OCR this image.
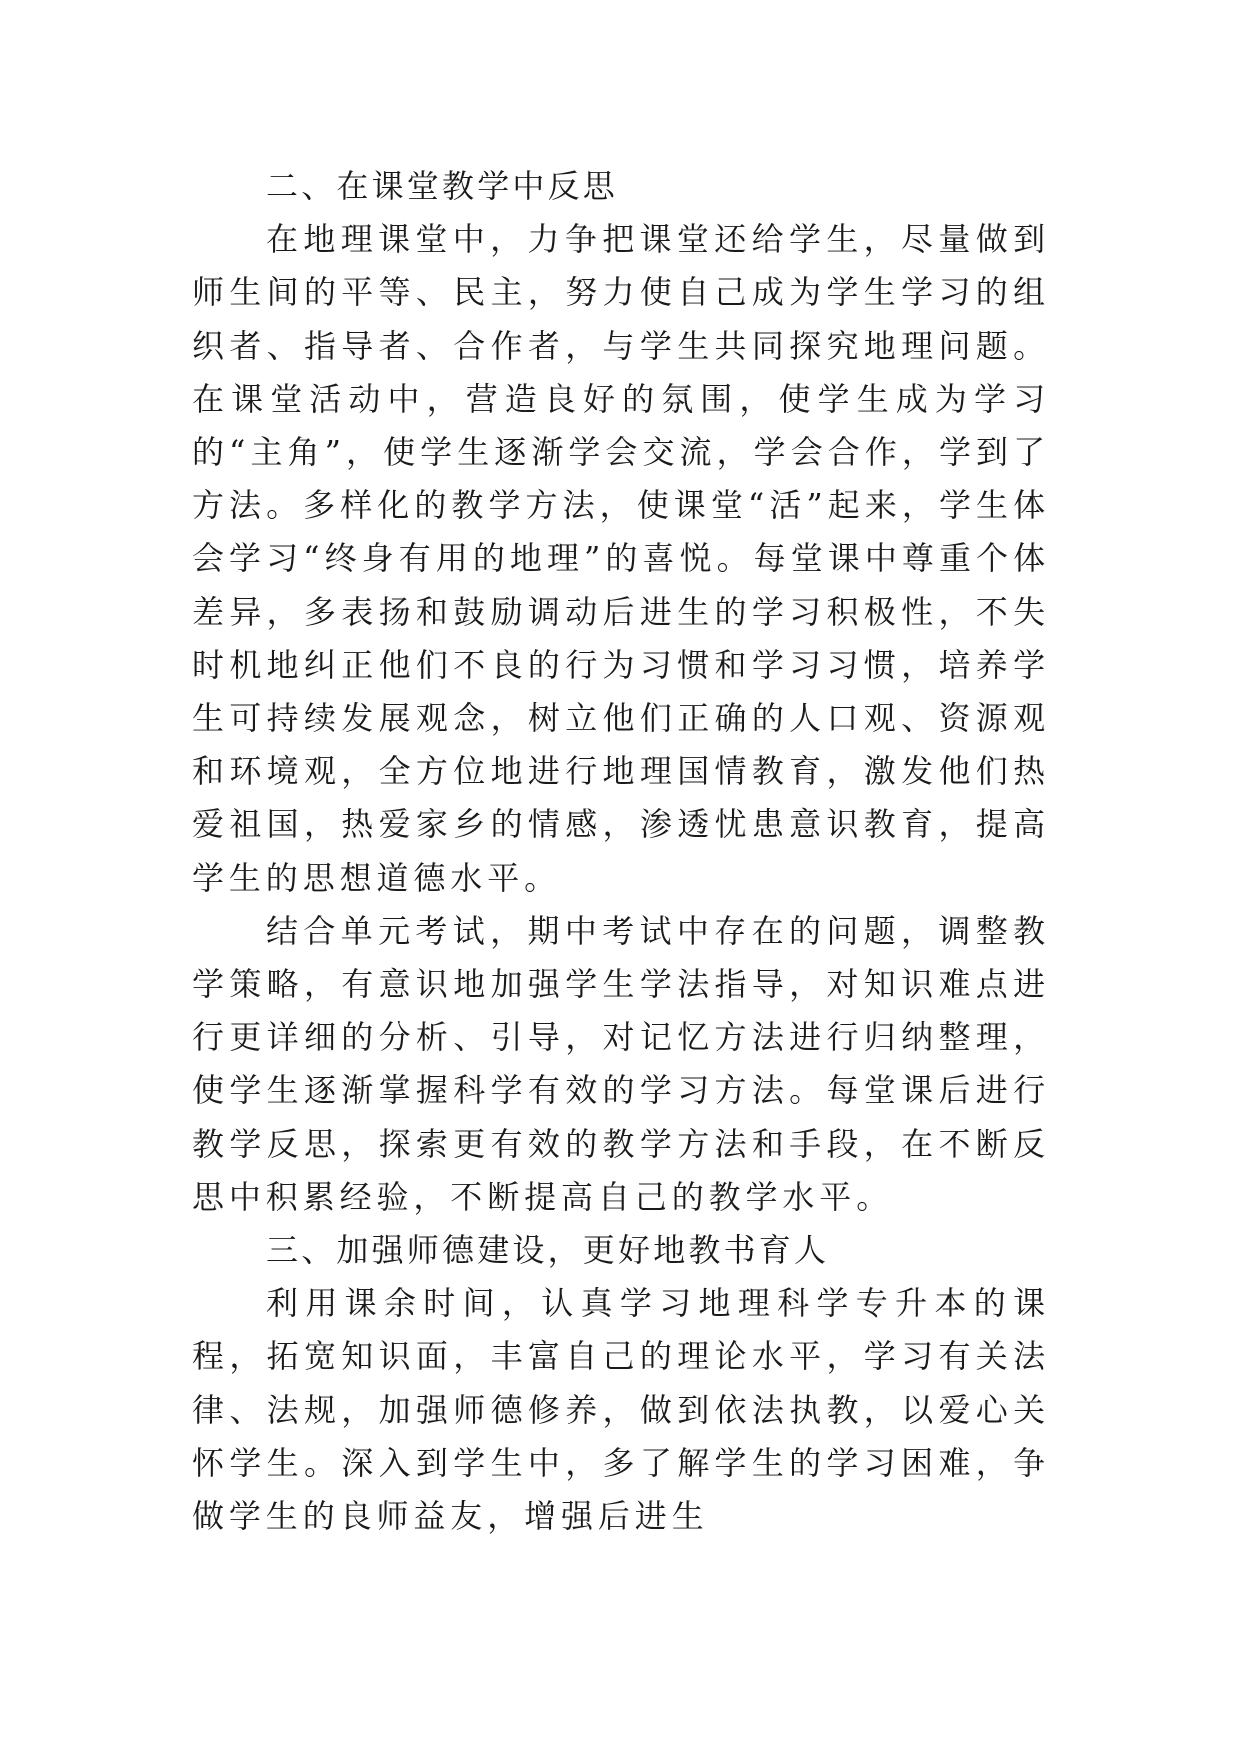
二、在课堂教学中反思

在地理课堂中，力争把课堂还给学生，尽量做到师生间的平等、民主，努力使自己成为学生学习的组织者、指导者、合作者，与学生共同探究地理问题。在课堂活动中，营造良好的氛围，使学生成为学习的“主角”，使学生逐渐学会交流，学会合作，学到了方法。多样化的教学方法，使课堂“活”起来，学生体会学习“终身有用的地理”的喜悦。每堂课中尊重个体差异，多表扬和鼓励调动后进生的学习积极性，不失时机地纠正他们不良的行为习惯和学习习惯，培养学生可持续发展观念，树立他们正确的人口观、资源观和环境观，全方位地进行地理国情教育，激发他们热爱祖国，热爱家乡的情感，渗透忧患意识教育，提高学生的思想道德水平。

结合单元考试，期中考试中存在的问题，调整教学策略，有意识地加强学生学法指导，对知识难点进行更详细的分析、引导，对记忆方法进行归纳整理，使学生逐渐掌握科学有效的学习方法。每堂课后进行教学反思，探索更有效的教学方法和手段，在不断反思中积累经验，不断提高自己的教学水平。

三、加强师德建设，更好地教书育人

利用课余时间，认真学习地理科学专升本的课程，拓宽知识面，丰富自己的理论水平，学习有关法律、法规，加强师德修养，做到依法执教，以爱心关怀学生。深入到学生中，多了解学生的学习困难，争做学生的良师益友，增强后进生
